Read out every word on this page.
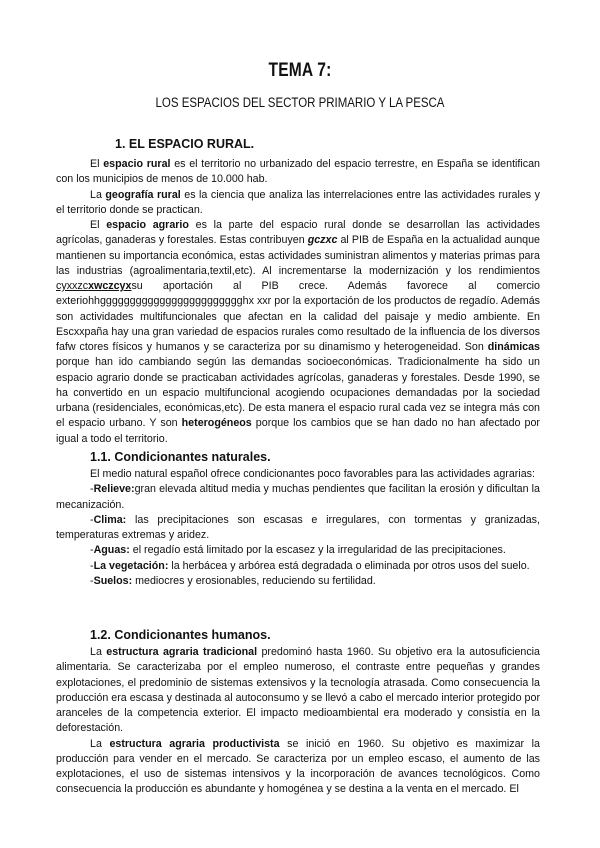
TEMA 7:
LOS ESPACIOS DEL SECTOR PRIMARIO Y LA PESCA
1. EL ESPACIO RURAL.

El espacio rural es el territorio no urbanizado del espacio terrestre, en España se identifican con los municipios de menos de 10.000 hab.

La geografía rural es la ciencia que analiza las interrelaciones entre las actividades rurales y el territorio donde se practican.

El espacio agrario es la parte del espacio rural donde se desarrollan las actividades agrícolas, ganaderas y forestales. Estas contribuyen gczxc al PIB de España en la actualidad aunque mantienen su importancia económica, estas actividades suministran alimentos y materias primas para las industrias (agroalimentaria,textil,etc). Al incrementarse la modernización y los rendimientos cyxxzcxwczcyxsu aportación al PIB crece. Además favorece al comercio exteriohhgggggggggggggggggggggggghx xxr por la exportación de los productos de regadío. Además son actividades multifuncionales que afectan en la calidad del paisaje y medio ambiente. En Escxxpaña hay una gran variedad de espacios rurales como resultado de la influencia de los diversos fafw ctores físicos y humanos y se caracteriza por su dinamismo y heterogeneidad. Son dinámicas porque han ido cambiando según las demandas socioeconómicas. Tradicionalmente ha sido un espacio agrario donde se practicaban actividades agrícolas, ganaderas y forestales. Desde 1990, se ha convertido en un espacio multifuncional acogiendo ocupaciones demandadas por la sociedad urbana (residenciales, económicas,etc). De esta manera el espacio rural cada vez se integra más con el espacio urbano. Y son heterogéneos porque los cambios que se han dado no han afectado por igual a todo el territorio.

1.1. Condicionantes naturales.

El medio natural español ofrece condicionantes poco favorables para las actividades agrarias:

-Relieve:gran elevada altitud media y muchas pendientes que facilitan la erosión y dificultan la mecanización.

-Clima: las precipitaciones son escasas e irregulares, con tormentas y granizadas, temperaturas extremas y aridez.

-Aguas: el regadío está limitado por la escasez y la irregularidad de las precipitaciones.

-La vegetación: la herbácea y arbórea está degradada o eliminada por otros usos del suelo.

-Suelos: mediocres y erosionables, reduciendo su fertilidad.

1.2. Condicionantes humanos.

La estructura agraria tradicional predominó hasta 1960. Su objetivo era la autosuficiencia alimentaria. Se caracterizaba por el empleo numeroso, el contraste entre pequeñas y grandes explotaciones, el predominio de sistemas extensivos y la tecnología atrasada. Como consecuencia la producción era escasa y destinada al autoconsumo y se llevó a cabo el mercado interior protegido por aranceles de la competencia exterior. El impacto medioambiental era moderado y consistía en la deforestación.

La estructura agraria productivista se inició en 1960. Su objetivo es maximizar la producción para vender en el mercado. Se caracteriza por un empleo escaso, el aumento de las explotaciones, el uso de sistemas intensivos y la incorporación de avances tecnológicos. Como consecuencia la producción es abundante y homogénea y se destina a la venta en el mercado. El
